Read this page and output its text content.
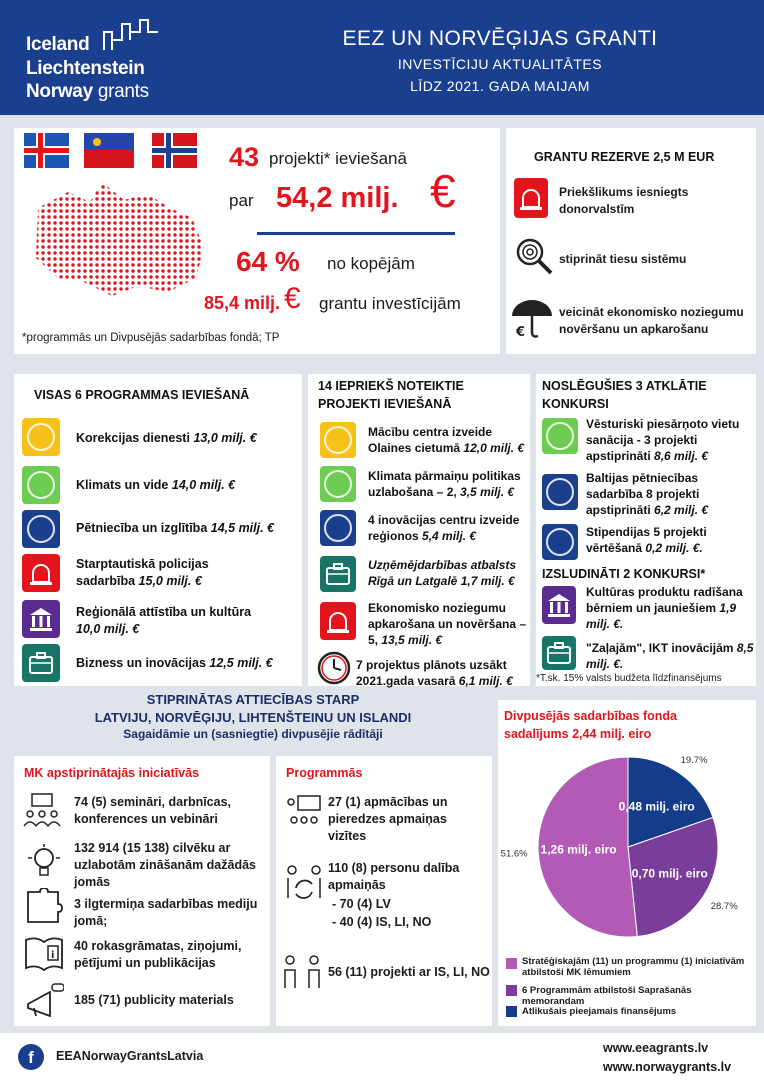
Iceland
Liechtenstein
Norway grants
EEZ UN NORVĒĢIJAS GRANTI
INVESTĪCIJU AKTUALITĀTES
LĪDZ 2021. GADA MAIJAM
43 projekti* ieviešanā
par 54,2 milj. €
64 % no kopējām
85,4 milj. € grantu investīcijām
*programmās un Divpusējās sadarbības fondā; TP
GRANTU REZERVE 2,5 M EUR
Priekšlikums iesniegts donorvalstīm
stiprināt tiesu sistēmu
€
veicināt ekonomisko noziegumu novēršanu un apkarošanu
VISAS 6 PROGRAMMAS IEVIEŠANĀ
Korekcijas dienesti 13,0 milj. €
Klimats un vide 14,0 milj. €
Pētniecība un izglītība 14,5 milj. €
Starptautiskā policijas sadarbība 15,0 milj. €
Reģionālā attīstība un kultūra 10,0 milj. €
Bizness un inovācijas 12,5 milj. €
14 IEPRIEKŠ NOTEIKTIE PROJEKTI IEVIEŠANĀ
Mācību centra izveide Olaines cietumā 12,0 milj. €
Klimata pārmaiņu politikas uzlabošana – 2, 3,5 milj. €
4 inovācijas centru izveide reģionos 5,4 milj. €
Uzņēmējdarbības atbalsts Rīgā un Latgalē 1,7 milj. €
Ekonomisko noziegumu apkarošana un novēršana – 5, 13,5 milj. €
7 projektus plānots uzsākt 2021.gada vasarā 6,1 milj. €
NOSLĒGUŠIES 3 ATKLĀTIE KONKURSI
Vēsturiski piesārņoto vietu sanācija - 3 projekti apstiprināti 8,6 milj. €
Baltijas pētniecības sadarbība 8 projekti apstiprināti 6,2 milj. €
Stipendijas 5 projekti vērtēšanā 0,2 milj. €.
IZSLUDINĀTI 2 KONKURSI*
Kultūras produktu radīšana bērniem un jauniešiem 1,9 milj. €.
"Zaļajām", IKT inovācijām 8,5 milj. €.
*T.sk. 15% valsts budžeta līdzfinansējums
STIPRINĀTAS ATTIECĪBAS STARP
LATVIJU, NORVĒĢIJU, LIHTENŠTEINU UN ISLANDI
Sagaidāmie un (sasniegtie) divpusējie rādītāji
MK apstiprinātajās iniciatīvās
74 (5) semināri, darbnīcas, konferences un vebināri
132 914 (15 138) cilvēku ar uzlabotām zināšanām dažādās jomās
3 ilgtermiņa sadarbības mediju jomā;
i
40 rokasgrāmatas, ziņojumi, pētījumi un publikācijas
185 (71) publicity materials
Programmās
27 (1) apmācības un pieredzes apmaiņas vizītes
110 (8) personu dalība apmaiņās
- 70 (4) LV
- 40 (4) IS, LI, NO
56 (11) projekti ar IS, LI, NO
Divpusējās sadarbības fonda sadalījums 2,44 milj. eiro
0,48 milj. eiro
19.7%
0,70 milj. eiro
28.7%
1,26 milj. eiro
51.6%
Stratēģiskajām (11) un programmu (1) iniciatīvām atbilstoši MK lēmumiem
6 Programmām atbilstoši Saprašanās memorandam
Atlikušais pieejamais finansējums
f	EEANorwayGrantsLatvia
www.eeagrants.lv
www.norwaygrants.lv
